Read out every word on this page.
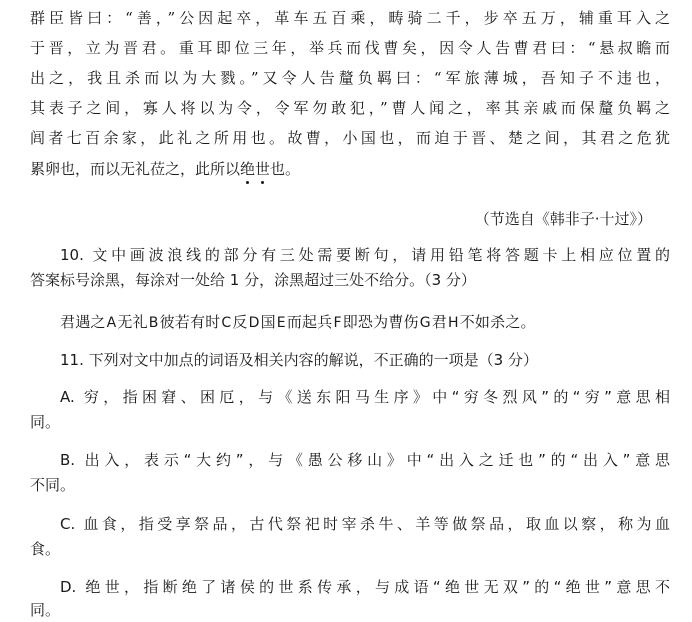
群臣皆曰：“善，”公因起卒，革车五百乘，畴骑二千，步卒五万，辅重耳入之
于晋，立为晋君。重耳即位三年，举兵而伐曹矣，因令人告曹君曰：“悬叔瞻而
出之，我且杀而以为大戮。”又令人告釐负羁曰：“军旅薄城，吾知子不违也，
其表子之间，寡人将以为令，令军勿敢犯，”曹人闻之，率其亲戚而保釐负羁之
闾者七百余家，此礼之所用也。故曹，小国也，而迫于晋、楚之间，其君之危犹
累卵也，而以无礼莅之，此所以绝世也。
（节选自《韩非子·十过》）
10. 文中画波浪线的部分有三处需要断句，请用铅笔将答题卡上相应位置的
答案标号涂黑，每涂对一处给 1 分，涂黑超过三处不给分。（3 分）
君遇之A无礼B彼若有时C反D国E而起兵F即恐为曹伤G君H不如杀之。
11. 下列对文中加点的词语及相关内容的解说，不正确的一项是（3 分）
A. 穷，指困窘、困厄，与《送东阳马生序》中“穷冬烈风”的“穷”意思相
同。
B. 出入，表示“大约”，与《愚公移山》中“出入之迁也”的“出入”意思
不同。
C. 血食，指受享祭品，古代祭祀时宰杀牛、羊等做祭品，取血以察，称为血
食。
D. 绝世，指断绝了诸侯的世系传承，与成语“绝世无双”的“绝世”意思不
同。
